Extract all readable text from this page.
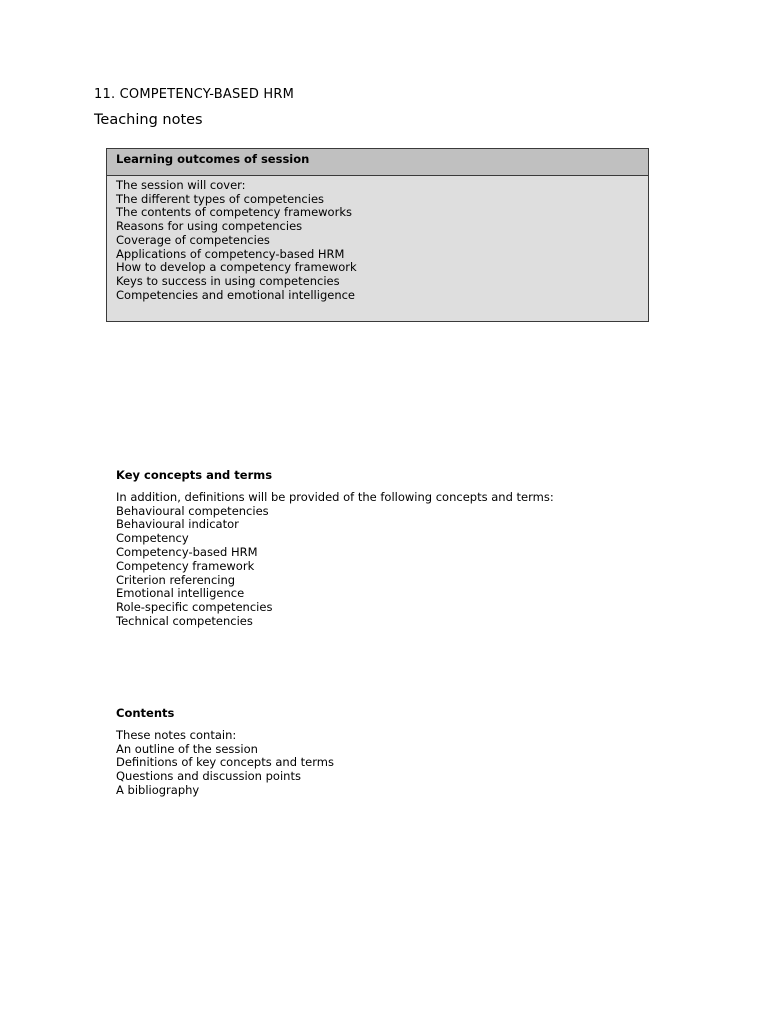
11. COMPETENCY-BASED HRM
Teaching notes
Learning outcomes of session
The session will cover:
The different types of competencies
The contents of competency frameworks
Reasons for using competencies
Coverage of competencies
Applications of competency-based HRM
How to develop a competency framework
Keys to success in using competencies
Competencies and emotional intelligence
Key concepts and terms
In addition, definitions will be provided of the following concepts and terms:
Behavioural competencies
Behavioural indicator
Competency
Competency-based HRM
Competency framework
Criterion referencing
Emotional intelligence
Role-specific competencies
Technical competencies
Contents
These notes contain:
An outline of the session
Definitions of key concepts and terms
Questions and discussion points
A bibliography
